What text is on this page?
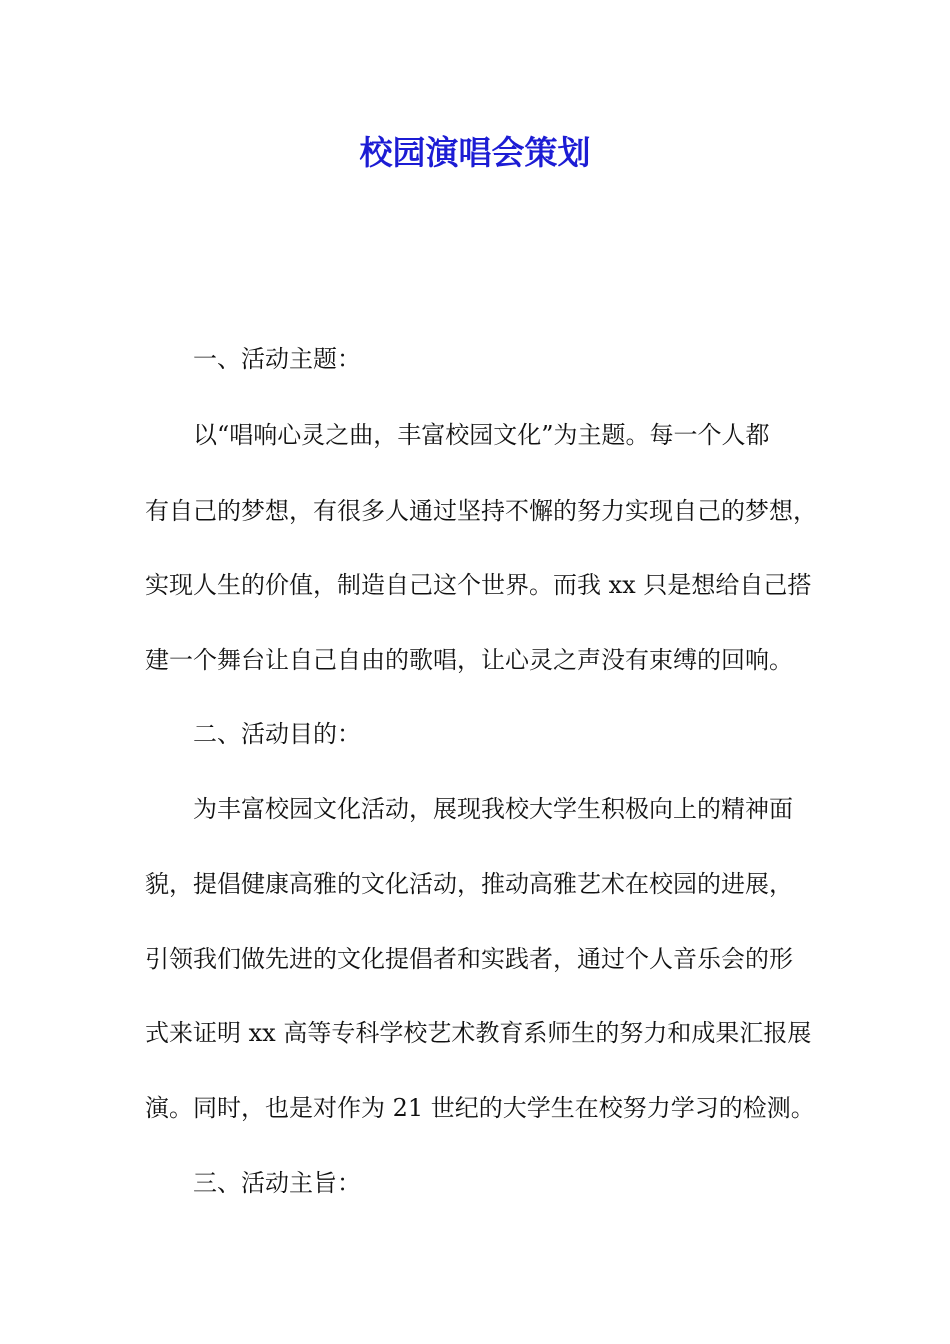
校园演唱会策划

一、活动主题：

以“唱响心灵之曲，丰富校园文化”为主题。每一个人都

有自己的梦想，有很多人通过坚持不懈的努力实现自己的梦想，

实现人生的价值，制造自己这个世界。而我 xx 只是想给自己搭

建一个舞台让自己自由的歌唱，让心灵之声没有束缚的回响。

二、活动目的：

为丰富校园文化活动，展现我校大学生积极向上的精神面

貌，提倡健康高雅的文化活动，推动高雅艺术在校园的进展，

引领我们做先进的文化提倡者和实践者，通过个人音乐会的形

式来证明 xx 高等专科学校艺术教育系师生的努力和成果汇报展

演。同时，也是对作为 21 世纪的大学生在校努力学习的检测。

三、活动主旨：
